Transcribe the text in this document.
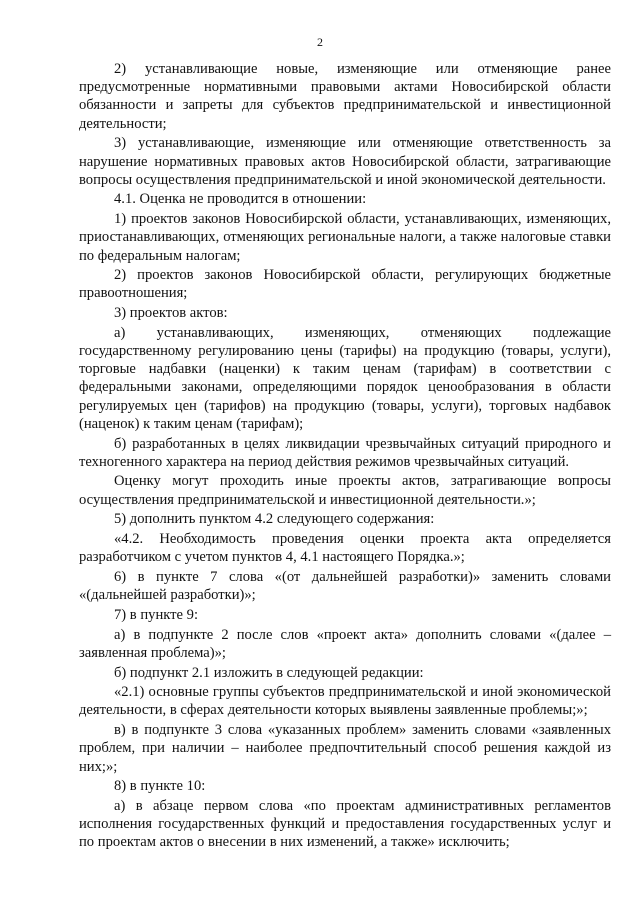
2

2) устанавливающие новые, изменяющие или отменяющие ранее предусмотренные нормативными правовыми актами Новосибирской области обязанности и запреты для субъектов предпринимательской и инвестиционной деятельности;

3) устанавливающие, изменяющие или отменяющие ответственность за нарушение нормативных правовых актов Новосибирской области, затрагивающие вопросы осуществления предпринимательской и иной экономической деятельности.

4.1. Оценка не проводится в отношении:

1) проектов законов Новосибирской области, устанавливающих, изменяющих, приостанавливающих, отменяющих региональные налоги, а также налоговые ставки по федеральным налогам;

2) проектов законов Новосибирской области, регулирующих бюджетные правоотношения;

3) проектов актов:

а) устанавливающих, изменяющих, отменяющих подлежащие государственному регулированию цены (тарифы) на продукцию (товары, услуги), торговые надбавки (наценки) к таким ценам (тарифам) в соответствии с федеральными законами, определяющими порядок ценообразования в области регулируемых цен (тарифов) на продукцию (товары, услуги), торговых надбавок (наценок) к таким ценам (тарифам);

б) разработанных в целях ликвидации чрезвычайных ситуаций природного и техногенного характера на период действия режимов чрезвычайных ситуаций.

Оценку могут проходить иные проекты актов, затрагивающие вопросы осуществления предпринимательской и инвестиционной деятельности.»;

5) дополнить пунктом 4.2 следующего содержания:

«4.2. Необходимость проведения оценки проекта акта определяется разработчиком с учетом пунктов 4, 4.1 настоящего Порядка.»;

6) в пункте 7 слова «(от дальнейшей разработки)» заменить словами «(дальнейшей разработки)»;

7) в пункте 9:

а) в подпункте 2 после слов «проект акта» дополнить словами «(далее – заявленная проблема)»;

б) подпункт 2.1 изложить в следующей редакции:

«2.1) основные группы субъектов предпринимательской и иной экономической деятельности, в сферах деятельности которых выявлены заявленные проблемы;»;

в) в подпункте 3 слова «указанных проблем» заменить словами «заявленных проблем, при наличии – наиболее предпочтительный способ решения каждой из них;»;

8) в пункте 10:

а) в абзаце первом слова «по проектам административных регламентов исполнения государственных функций и предоставления государственных услуг и по проектам актов о внесении в них изменений, а также» исключить;
